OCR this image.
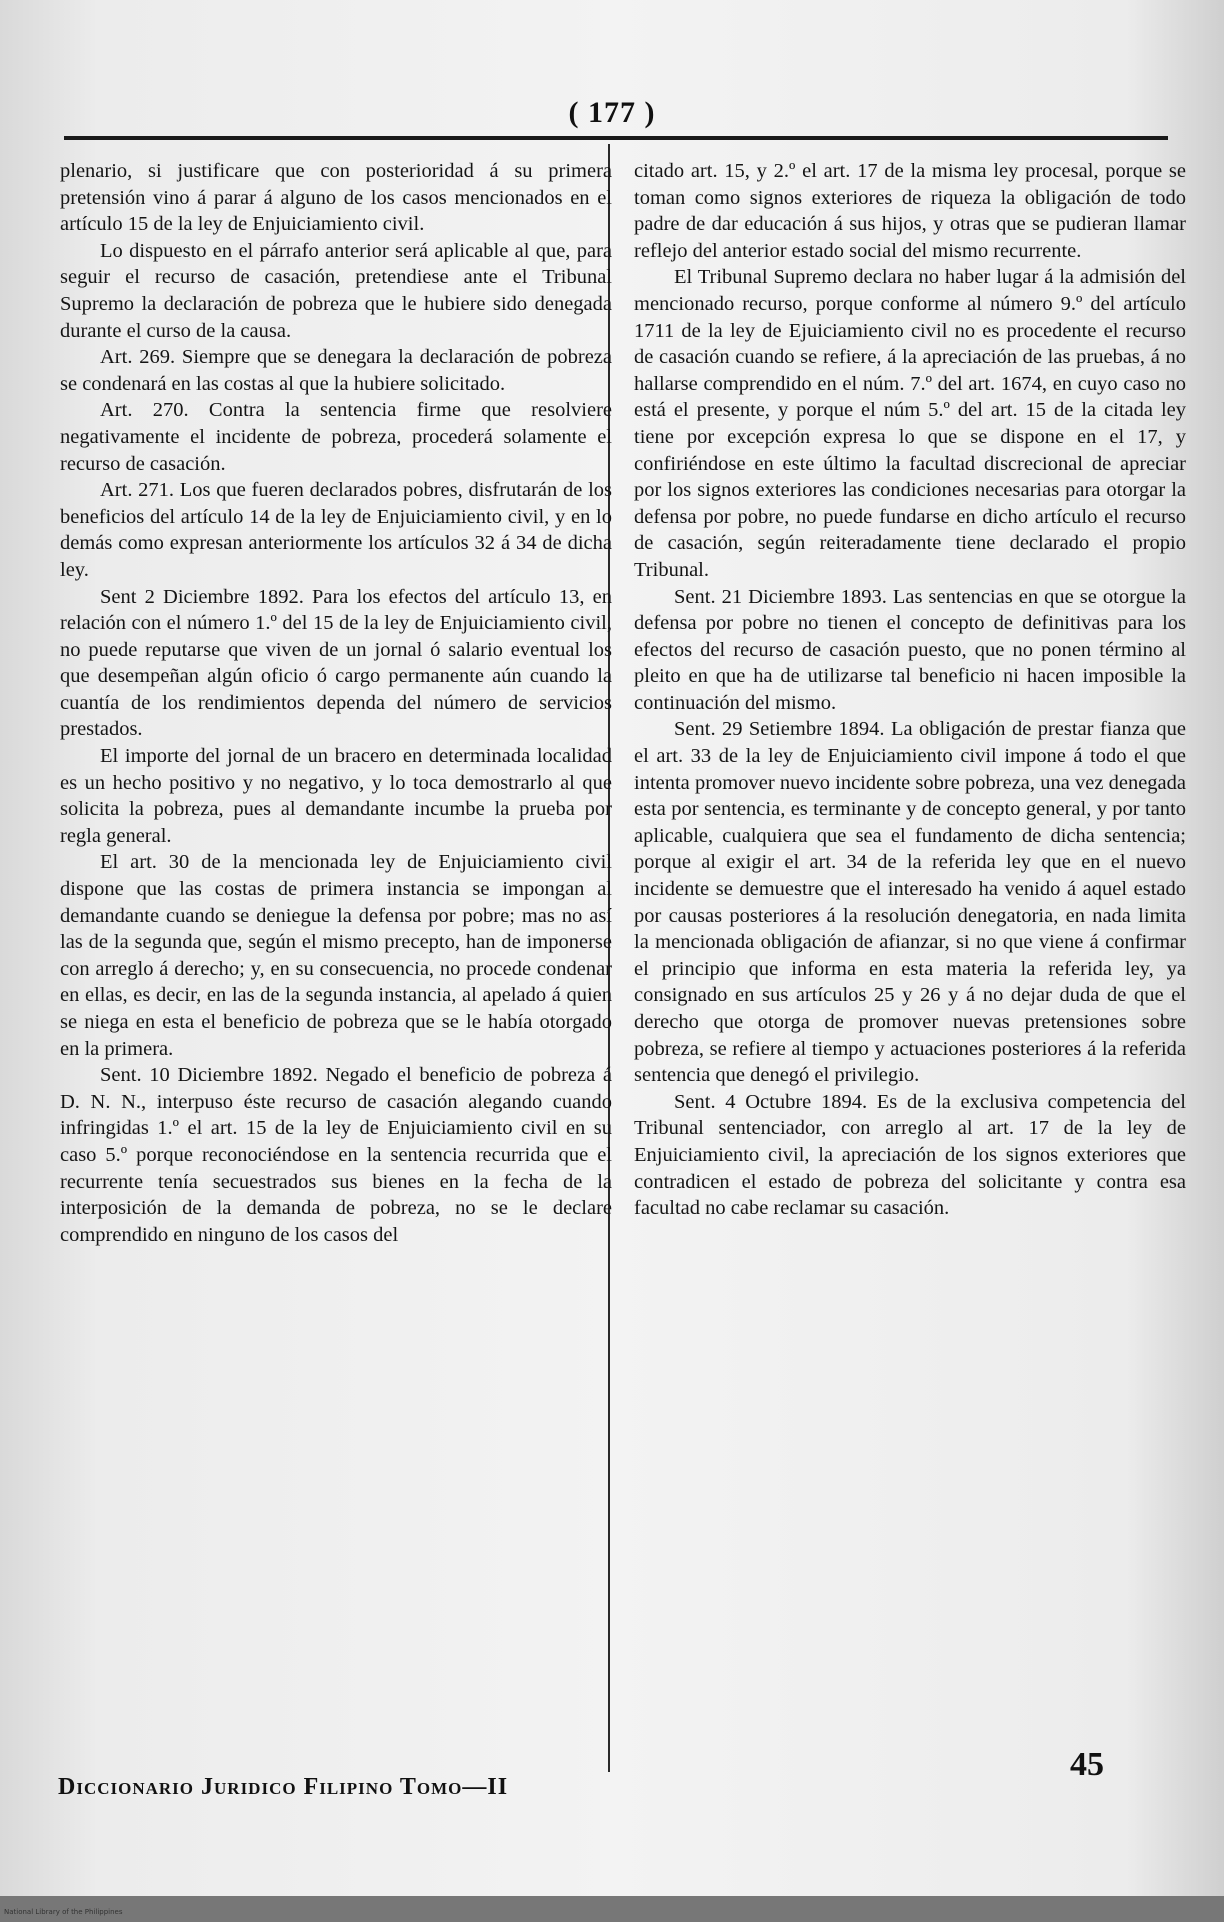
( 177 )

plenario, si justificare que con posterioridad á su primera pretensión vino á parar á alguno de los casos mencionados en el artículo 15 de la ley de Enjuiciamiento civil.

Lo dispuesto en el párrafo anterior será aplicable al que, para seguir el recurso de casación, pretendiese ante el Tribunal Supremo la declaración de pobreza que le hubiere sido denegada durante el curso de la causa.

Art. 269. Siempre que se denegara la declaración de pobreza se condenará en las costas al que la hubiere solicitado.

Art. 270. Contra la sentencia firme que resolviere negativamente el incidente de pobreza, procederá solamente el recurso de casación.

Art. 271. Los que fueren declarados pobres, disfrutarán de los beneficios del artículo 14 de la ley de Enjuiciamiento civil, y en lo demás como expresan anteriormente los artículos 32 á 34 de dicha ley.

Sent 2 Diciembre 1892. Para los efectos del artículo 13, en relación con el número 1.º del 15 de la ley de Enjuiciamiento civil, no puede reputarse que viven de un jornal ó salario eventual los que desempeñan algún oficio ó cargo permanente aún cuando la cuantía de los rendimientos dependa del número de servicios prestados.

El importe del jornal de un bracero en determinada localidad es un hecho positivo y no negativo, y lo toca demostrarlo al que solicita la pobreza, pues al demandante incumbe la prueba por regla general.

El art. 30 de la mencionada ley de Enjuiciamiento civil dispone que las costas de primera instancia se impongan al demandante cuando se deniegue la defensa por pobre; mas no así las de la segunda que, según el mismo precepto, han de imponerse con arreglo á derecho; y, en su consecuencia, no procede condenar en ellas, es decir, en las de la segunda instancia, al apelado á quien se niega en esta el beneficio de pobreza que se le había otorgado en la primera.

Sent. 10 Diciembre 1892. Negado el beneficio de pobreza á D. N. N., interpuso éste recurso de casación alegando cuando infringidas 1.º el art. 15 de la ley de Enjuiciamiento civil en su caso 5.º porque reconociéndose en la sentencia recurrida que el recurrente tenía secuestrados sus bienes en la fecha de la interposición de la demanda de pobreza, no se le declare comprendido en ninguno de los casos del

citado art. 15, y 2.º el art. 17 de la misma ley procesal, porque se toman como signos exteriores de riqueza la obligación de todo padre de dar educación á sus hijos, y otras que se pudieran llamar reflejo del anterior estado social del mismo recurrente.

El Tribunal Supremo declara no haber lugar á la admisión del mencionado recurso, porque conforme al número 9.º del artículo 1711 de la ley de Ejuiciamiento civil no es procedente el recurso de casación cuando se refiere, á la apreciación de las pruebas, á no hallarse comprendido en el núm. 7.º del art. 1674, en cuyo caso no está el presente, y porque el núm 5.º del art. 15 de la citada ley tiene por excepción expresa lo que se dispone en el 17, y confiriéndose en este último la facultad discrecional de apreciar por los signos exteriores las condiciones necesarias para otorgar la defensa por pobre, no puede fundarse en dicho artículo el recurso de casación, según reiteradamente tiene declarado el propio Tribunal.

Sent. 21 Diciembre 1893. Las sentencias en que se otorgue la defensa por pobre no tienen el concepto de definitivas para los efectos del recurso de casación puesto, que no ponen término al pleito en que ha de utilizarse tal beneficio ni hacen imposible la continuación del mismo.

Sent. 29 Setiembre 1894. La obligación de prestar fianza que el art. 33 de la ley de Enjuiciamiento civil impone á todo el que intenta promover nuevo incidente sobre pobreza, una vez denegada esta por sentencia, es terminante y de concepto general, y por tanto aplicable, cualquiera que sea el fundamento de dicha sentencia; porque al exigir el art. 34 de la referida ley que en el nuevo incidente se demuestre que el interesado ha venido á aquel estado por causas posteriores á la resolución denegatoria, en nada limita la mencionada obligación de afianzar, si no que viene á confirmar el principio que informa en esta materia la referida ley, ya consignado en sus artículos 25 y 26 y á no dejar duda de que el derecho que otorga de promover nuevas pretensiones sobre pobreza, se refiere al tiempo y actuaciones posteriores á la referida sentencia que denegó el privilegio.

Sent. 4 Octubre 1894. Es de la exclusiva competencia del Tribunal sentenciador, con arreglo al art. 17 de la ley de Enjuiciamiento civil, la apreciación de los signos exteriores que contradicen el estado de pobreza del solicitante y contra esa facultad no cabe reclamar su casación.

Diccionario Juridico Filipino Tomo—II
45
National Library of the Philippines
